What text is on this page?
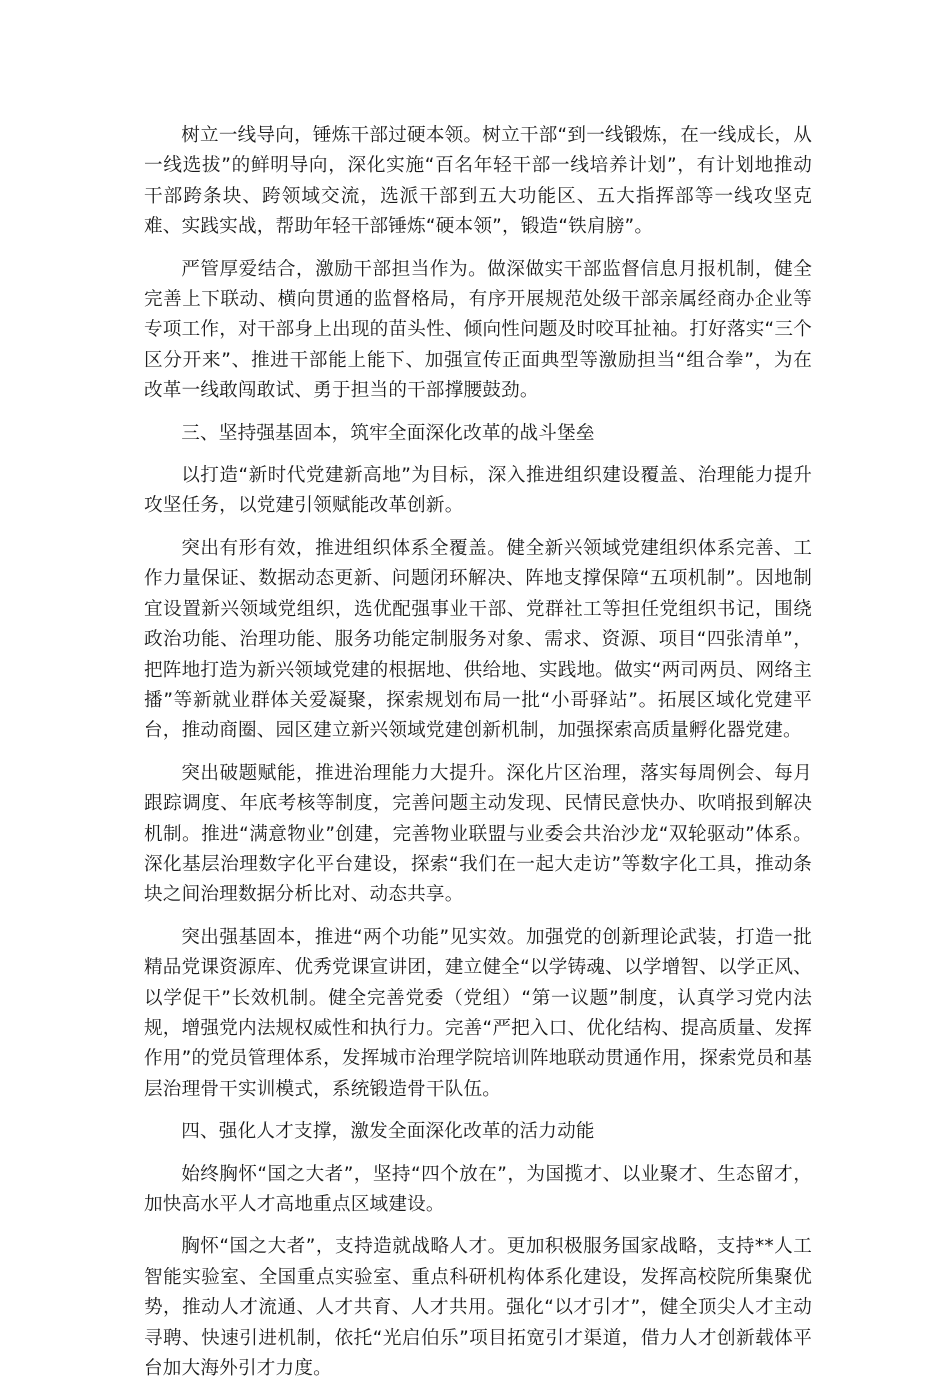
树立一线导向，锤炼干部过硬本领。树立干部“到一线锻炼，在一线成长，从一线选拔”的鲜明导向，深化实施“百名年轻干部一线培养计划”，有计划地推动干部跨条块、跨领域交流，选派干部到五大功能区、五大指挥部等一线攻坚克难、实践实战，帮助年轻干部锤炼“硬本领”，锻造“铁肩膀”。

严管厚爱结合，激励干部担当作为。做深做实干部监督信息月报机制，健全完善上下联动、横向贯通的监督格局，有序开展规范处级干部亲属经商办企业等专项工作，对干部身上出现的苗头性、倾向性问题及时咬耳扯袖。打好落实“三个区分开来”、推进干部能上能下、加强宣传正面典型等激励担当“组合拳”，为在改革一线敢闯敢试、勇于担当的干部撑腰鼓劲。

三、坚持强基固本，筑牢全面深化改革的战斗堡垒

以打造“新时代党建新高地”为目标，深入推进组织建设覆盖、治理能力提升攻坚任务，以党建引领赋能改革创新。

突出有形有效，推进组织体系全覆盖。健全新兴领域党建组织体系完善、工作力量保证、数据动态更新、问题闭环解决、阵地支撑保障“五项机制”。因地制宜设置新兴领域党组织，选优配强事业干部、党群社工等担任党组织书记，围绕政治功能、治理功能、服务功能定制服务对象、需求、资源、项目“四张清单”，把阵地打造为新兴领域党建的根据地、供给地、实践地。做实“两司两员、网络主播”等新就业群体关爱凝聚，探索规划布局一批“小哥驿站”。拓展区域化党建平台，推动商圈、园区建立新兴领域党建创新机制，加强探索高质量孵化器党建。

突出破题赋能，推进治理能力大提升。深化片区治理，落实每周例会、每月跟踪调度、年底考核等制度，完善问题主动发现、民情民意快办、吹哨报到解决机制。推进“满意物业”创建，完善物业联盟与业委会共治沙龙“双轮驱动”体系。深化基层治理数字化平台建设，探索“我们在一起大走访”等数字化工具，推动条块之间治理数据分析比对、动态共享。

突出强基固本，推进“两个功能”见实效。加强党的创新理论武装，打造一批精品党课资源库、优秀党课宣讲团，建立健全“以学铸魂、以学增智、以学正风、以学促干”长效机制。健全完善党委（党组）“第一议题”制度，认真学习党内法规，增强党内法规权威性和执行力。完善“严把入口、优化结构、提高质量、发挥作用”的党员管理体系，发挥城市治理学院培训阵地联动贯通作用，探索党员和基层治理骨干实训模式，系统锻造骨干队伍。

四、强化人才支撑，激发全面深化改革的活力动能

始终胸怀“国之大者”，坚持“四个放在”，为国揽才、以业聚才、生态留才，加快高水平人才高地重点区域建设。

胸怀“国之大者”，支持造就战略人才。更加积极服务国家战略，支持**人工智能实验室、全国重点实验室、重点科研机构体系化建设，发挥高校院所集聚优势，推动人才流通、人才共育、人才共用。强化“以才引才”，健全顶尖人才主动寻聘、快速引进机制，依托“光启伯乐”项目拓宽引才渠道，借力人才创新载体平台加大海外引才力度。
